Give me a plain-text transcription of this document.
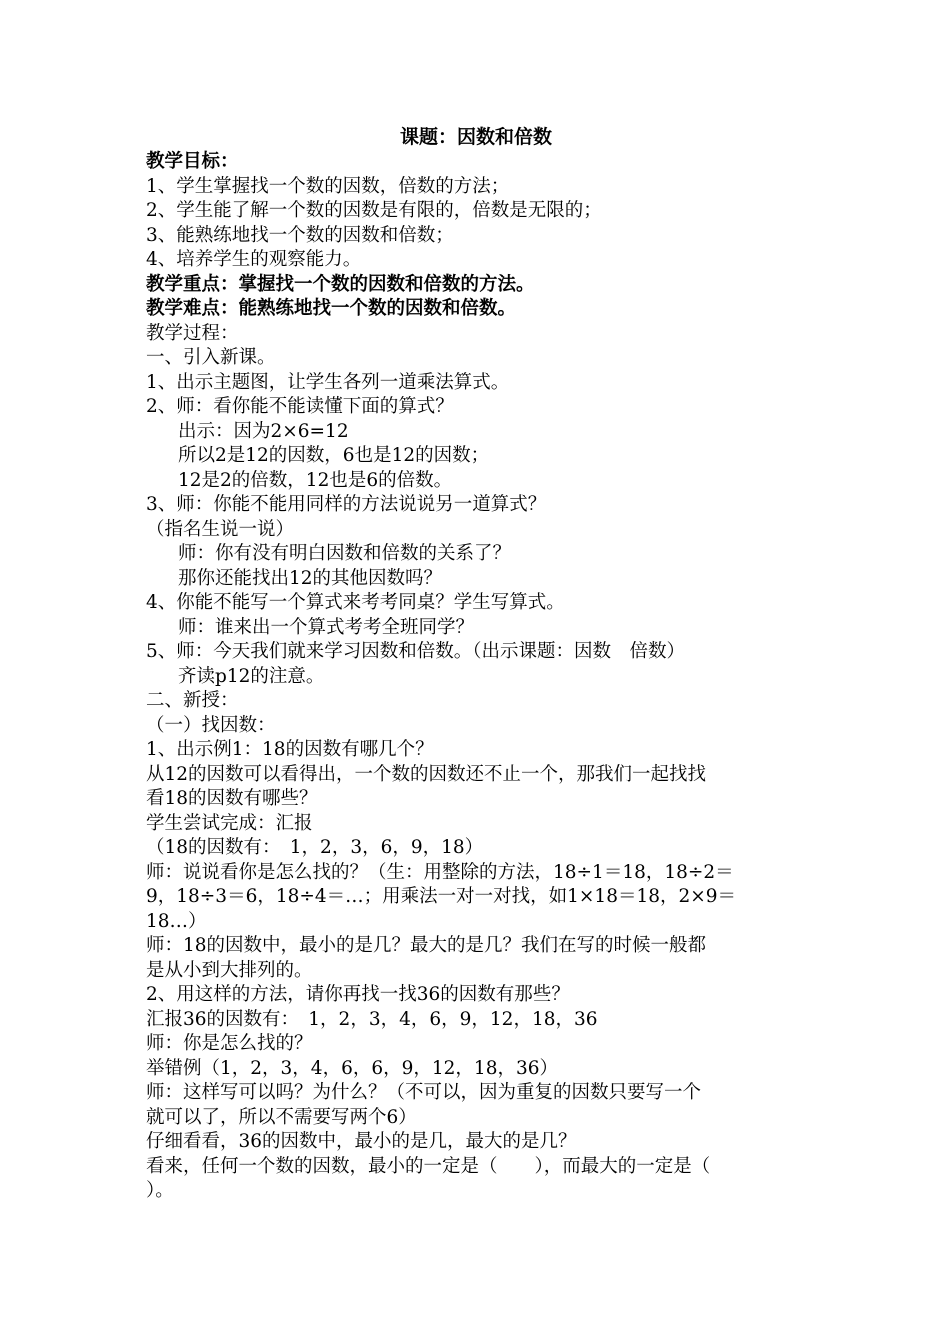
课题：因数和倍数
教学目标：
1、学生掌握找一个数的因数，倍数的方法；
2、学生能了解一个数的因数是有限的，倍数是无限的；
3、能熟练地找一个数的因数和倍数；
4、培养学生的观察能力。
教学重点：掌握找一个数的因数和倍数的方法。
教学难点：能熟练地找一个数的因数和倍数。
教学过程：
一、引入新课。
1、出示主题图，让学生各列一道乘法算式。
2、师：看你能不能读懂下面的算式？
出示：因为2×6=12
所以2是12的因数，6也是12的因数；
12是2的倍数，12也是6的倍数。
3、师：你能不能用同样的方法说说另一道算式？
（指名生说一说）
师：你有没有明白因数和倍数的关系了？
那你还能找出12的其他因数吗？
4、你能不能写一个算式来考考同桌？学生写算式。
师：谁来出一个算式考考全班同学？
5、师：今天我们就来学习因数和倍数。（出示课题：因数　倍数）
齐读p12的注意。
二、新授：
（一）找因数：
1、出示例1：18的因数有哪几个？
从12的因数可以看得出，一个数的因数还不止一个，那我们一起找找
看18的因数有哪些？
学生尝试完成：汇报
（18的因数有：　1，2，3，6，9，18）
师：说说看你是怎么找的？（生：用整除的方法，18÷1＝18，18÷2＝
9，18÷3＝6，18÷4＝…；用乘法一对一对找，如1×18＝18，2×9＝
18…）
师：18的因数中，最小的是几？最大的是几？我们在写的时候一般都
是从小到大排列的。
2、用这样的方法，请你再找一找36的因数有那些？
汇报36的因数有：　1，2，3，4，6，9，12，18，36
师：你是怎么找的？
举错例（1，2，3，4，6，6，9，12，18，36）
师：这样写可以吗？为什么？（不可以，因为重复的因数只要写一个
就可以了，所以不需要写两个6）
仔细看看，36的因数中，最小的是几，最大的是几？
看来，任何一个数的因数，最小的一定是（　　），而最大的一定是（
）。
